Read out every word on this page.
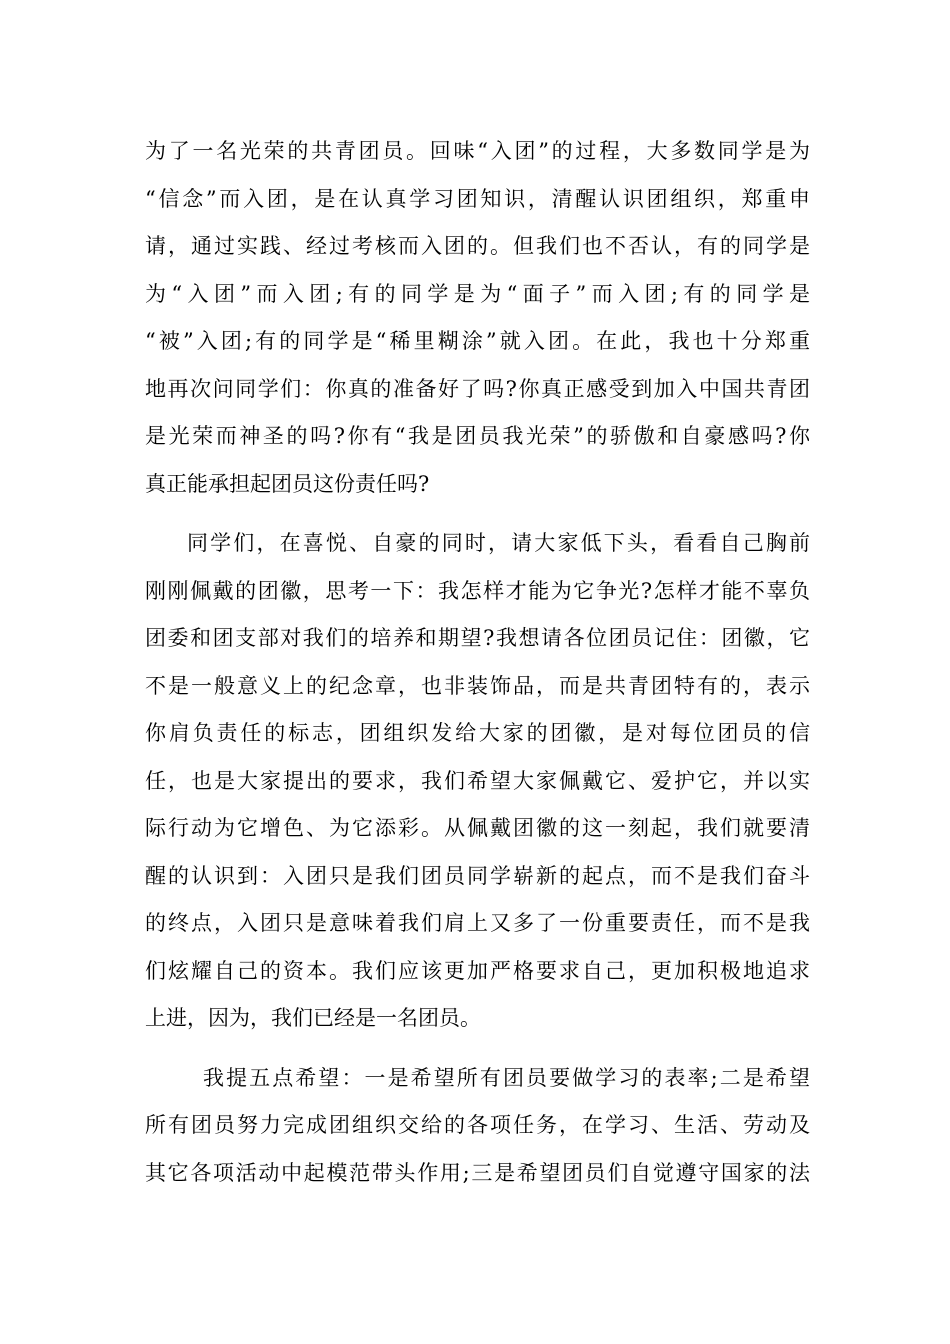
为了一名光荣的共青团员。回味“入团”的过程，大多数同学是为
“信念”而入团，是在认真学习团知识，清醒认识团组织，郑重申
请，通过实践、经过考核而入团的。但我们也不否认，有的同学是
为“入团”而入团;有的同学是为“面子”而入团;有的同学是
“被”入团;有的同学是“稀里糊涂”就入团。在此，我也十分郑重
地再次问同学们：你真的准备好了吗?你真正感受到加入中国共青团
是光荣而神圣的吗?你有“我是团员我光荣”的骄傲和自豪感吗?你
真正能承担起团员这份责任吗?
同学们，在喜悦、自豪的同时，请大家低下头，看看自己胸前
刚刚佩戴的团徽，思考一下：我怎样才能为它争光?怎样才能不辜负
团委和团支部对我们的培养和期望?我想请各位团员记住：团徽，它
不是一般意义上的纪念章，也非装饰品，而是共青团特有的，表示
你肩负责任的标志，团组织发给大家的团徽，是对每位团员的信
任，也是大家提出的要求，我们希望大家佩戴它、爱护它，并以实
际行动为它增色、为它添彩。从佩戴团徽的这一刻起，我们就要清
醒的认识到：入团只是我们团员同学崭新的起点，而不是我们奋斗
的终点，入团只是意味着我们肩上又多了一份重要责任，而不是我
们炫耀自己的资本。我们应该更加严格要求自己，更加积极地追求
上进，因为，我们已经是一名团员。
我提五点希望：一是希望所有团员要做学习的表率;二是希望
所有团员努力完成团组织交给的各项任务，在学习、生活、劳动及
其它各项活动中起模范带头作用;三是希望团员们自觉遵守国家的法
